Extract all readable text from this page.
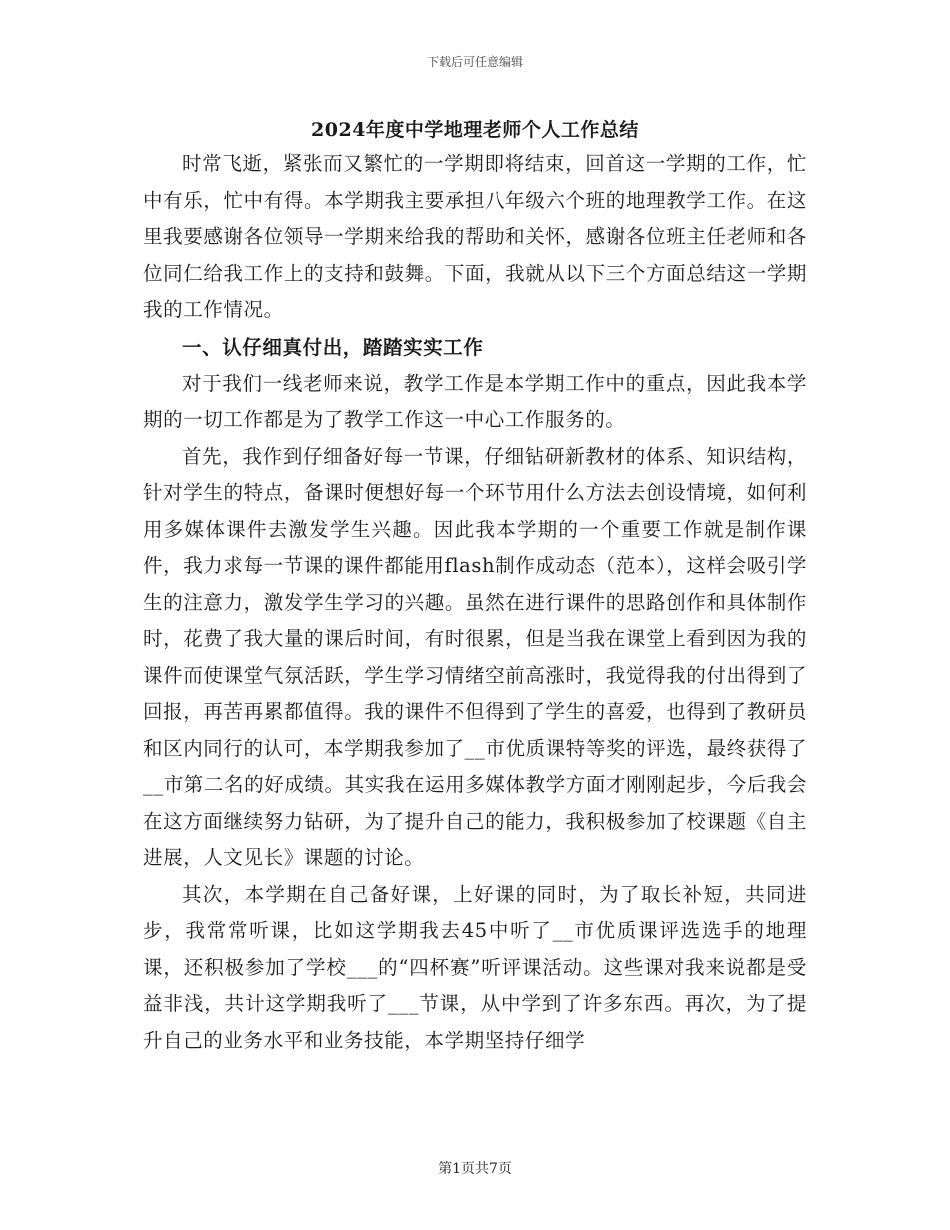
下载后可任意编辑
2024年度中学地理老师个人工作总结

时常飞逝，紧张而又繁忙的一学期即将结束，回首这一学期的工作，忙中有乐，忙中有得。本学期我主要承担八年级六个班的地理教学工作。在这里我要感谢各位领导一学期来给我的帮助和关怀，感谢各位班主任老师和各位同仁给我工作上的支持和鼓舞。下面，我就从以下三个方面总结这一学期我的工作情况。

一、认仔细真付出，踏踏实实工作

对于我们一线老师来说，教学工作是本学期工作中的重点，因此我本学期的一切工作都是为了教学工作这一中心工作服务的。

首先，我作到仔细备好每一节课，仔细钻研新教材的体系、知识结构，针对学生的特点，备课时便想好每一个环节用什么方法去创设情境，如何利用多媒体课件去激发学生兴趣。因此我本学期的一个重要工作就是制作课件，我力求每一节课的课件都能用flash制作成动态（范本），这样会吸引学生的注意力，激发学生学习的兴趣。虽然在进行课件的思路创作和具体制作时，花费了我大量的课后时间，有时很累，但是当我在课堂上看到因为我的课件而使课堂气氛活跃，学生学习情绪空前高涨时，我觉得我的付出得到了回报，再苦再累都值得。我的课件不但得到了学生的喜爱，也得到了教研员和区内同行的认可，本学期我参加了__市优质课特等奖的评选，最终获得了__市第二名的好成绩。其实我在运用多媒体教学方面才刚刚起步，今后我会在这方面继续努力钻研，为了提升自己的能力，我积极参加了校课题《自主进展，人文见长》课题的讨论。

其次，本学期在自己备好课，上好课的同时，为了取长补短，共同进步，我常常听课，比如这学期我去45中听了__市优质课评选选手的地理课，还积极参加了学校___的“四杯赛”听评课活动。这些课对我来说都是受益非浅，共计这学期我听了___节课，从中学到了许多东西。再次，为了提升自己的业务水平和业务技能，本学期坚持仔细学

第1页共7页
